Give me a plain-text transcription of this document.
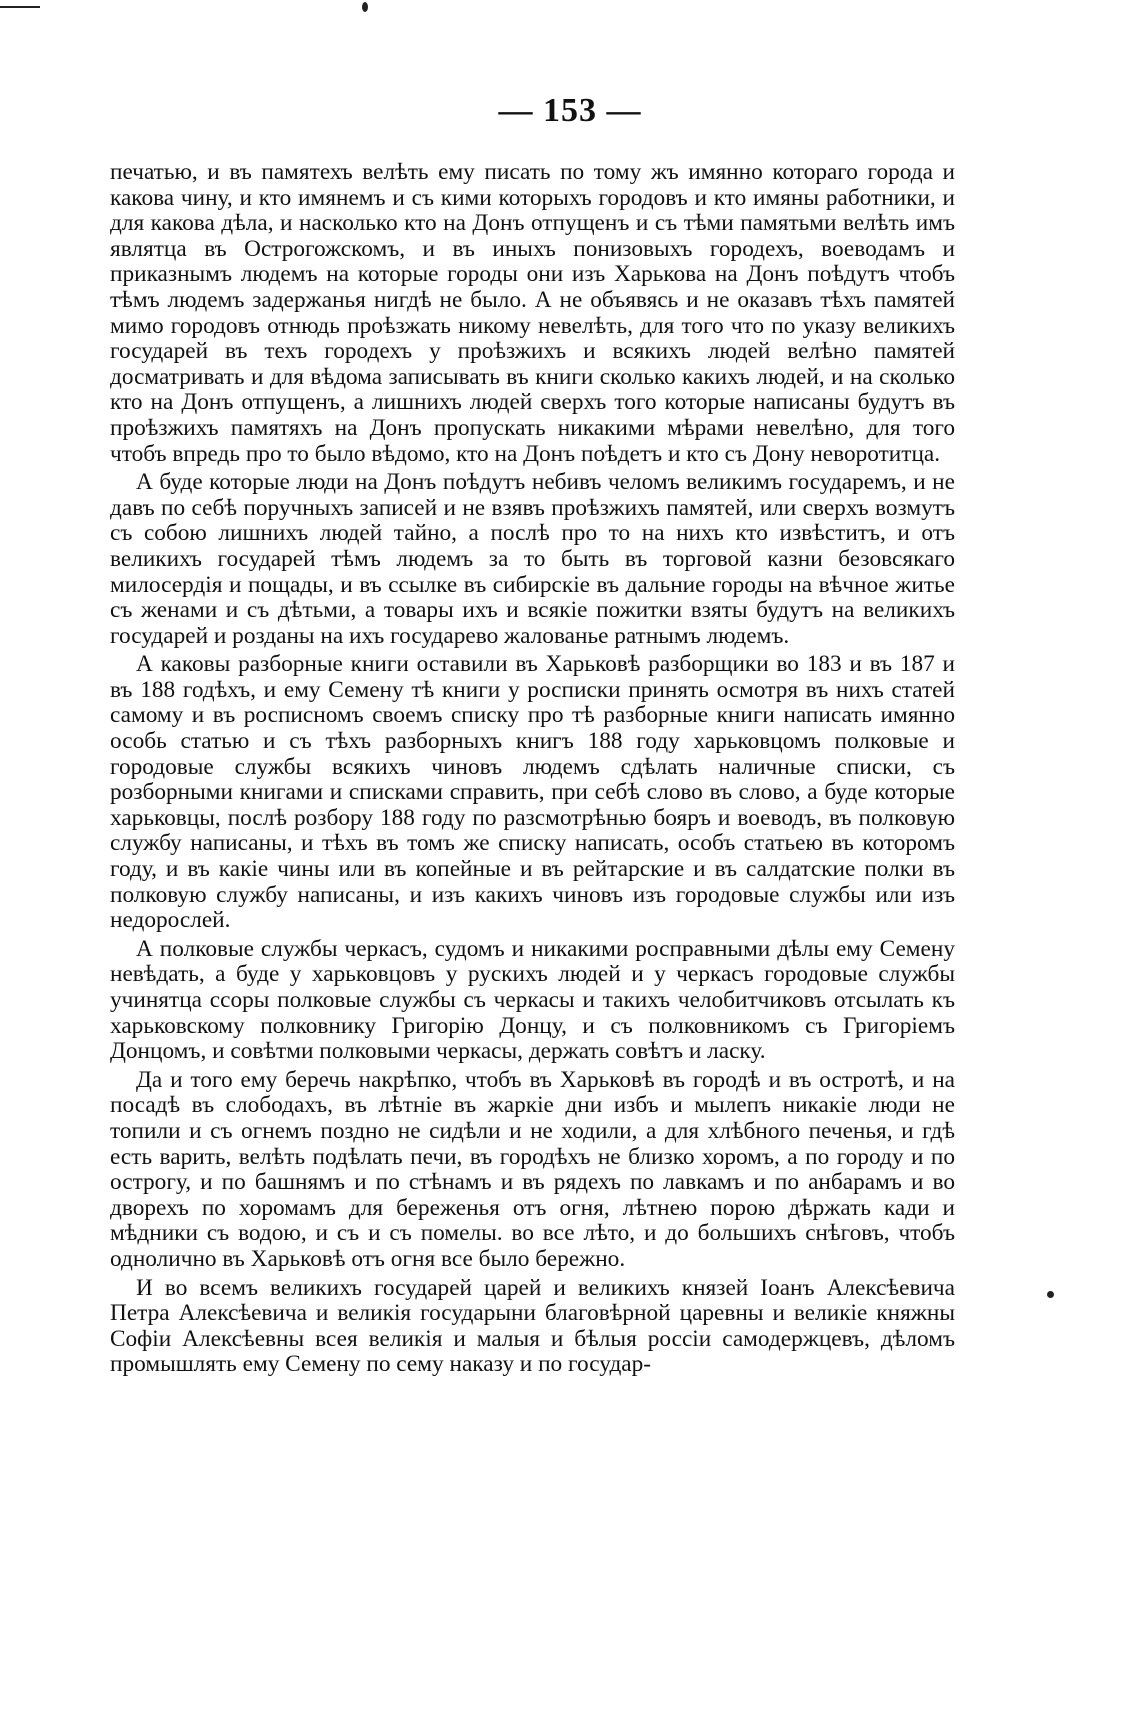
— 153 —

печатью, и въ памятехъ велѣть ему писать по тому жъ имянно котораго города и какова чину, и кто имянемъ и съ кими которыхъ городовъ и кто имяны работники, и для какова дѣла, и насколько кто на Донъ отпущенъ и съ тѣми памятьми велѣть имъ являтца въ Острогожскомъ, и въ иныхъ понизовыхъ городехъ, воеводамъ и приказнымъ людемъ на которые городы они изъ Харькова на Донъ поѣдутъ чтобъ тѣмъ людемъ задержанья нигдѣ не было. А не объявясь и не оказавъ тѣхъ памятей мимо городовъ отнюдь проѣзжать никому невелѣть, для того что по указу великихъ государей въ техъ городехъ у проѣзжихъ и всякихъ людей велѣно памятей досматривать и для вѣдома записывать въ книги сколько какихъ людей, и на сколько кто на Донъ отпущенъ, а лишнихъ людей сверхъ того которые написаны будутъ въ проѣзжихъ памятяхъ на Донъ пропускать никакими мѣрами невелѣно, для того чтобъ впредь про то было вѣдомо, кто на Донъ поѣдетъ и кто съ Дону неворотитца.

А буде которые люди на Донъ поѣдутъ небивъ челомъ великимъ государемъ, и не давъ по себѣ поручныхъ записей и не взявъ проѣзжихъ памятей, или сверхъ возмутъ съ собою лишнихъ людей тайно, а послѣ про то на нихъ кто извѣститъ, и отъ великихъ государей тѣмъ людемъ за то быть въ торговой казни безовсякаго милосердія и пощады, и въ ссылке въ сибирскіе въ дальние городы на вѣчное житье съ женами и съ дѣтьми, а товары ихъ и всякіе пожитки взяты будутъ на великихъ государей и розданы на ихъ государево жалованье ратнымъ людемъ.

А каковы разборные книги оставили въ Харьковѣ разборщики во 183 и въ 187 и въ 188 годѣхъ, и ему Семену тѣ книги у росписки принять осмотря въ нихъ статей самому и въ росписномъ своемъ списку про тѣ разборные книги написать имянно особь статью и съ тѣхъ разборныхъ книгъ 188 году харьковцомъ полковые и городовые службы всякихъ чиновъ людемъ сдѣлать наличные списки, съ розборными книгами и списками справить, при себѣ слово въ слово, а буде которые харьковцы, послѣ розбору 188 году по разсмотрѣнью бояръ и воеводъ, въ полковую службу написаны, и тѣхъ въ томъ же списку написать, особъ статьею въ которомъ году, и въ какіе чины или въ копейные и въ рейтарские и въ салдатские полки въ полковую службу написаны, и изъ какихъ чиновъ изъ городовые службы или изъ недорослей.

А полковые службы черкасъ, судомъ и никакими росправными дѣлы ему Семену невѣдать, а буде у харьковцовъ у рускихъ людей и у черкасъ городовые службы учинятца ссоры полковые службы съ черкасы и такихъ челобитчиковъ отсылать къ харьковскому полковнику Григорію Донцу, и съ полковникомъ съ Григоріемъ Донцомъ, и совѣтми полковыми черкасы, держать совѣтъ и ласку.

Да и того ему беречь накрѣпко, чтобъ въ Харьковѣ въ городѣ и въ остротѣ, и на посадѣ въ слободахъ, въ лѣтніе въ жаркіе дни избъ и мылепъ никакіе люди не топили и съ огнемъ поздно не сидѣли и не ходили, а для хлѣбного печенья, и гдѣ есть варить, велѣть подѣлать печи, въ городѣхъ не близко хоромъ, а по городу и по острогу, и по башнямъ и по стѣнамъ и въ рядехъ по лавкамъ и по анбарамъ и во дворехъ по хоромамъ для береженья отъ огня, лѣтнею порою дѣржать кади и мѣдники съ водою, и съ и съ помелы. во все лѣто, и до большихъ снѣговъ, чтобъ однолично въ Харьковѣ отъ огня все было бережно.

И во всемъ великихъ государей царей и великихъ князей Іоанъ Алексѣевича Петра Алексѣевича и великія государыни благовѣрной царевны и великіе княжны Софіи Алексѣевны всея великія и малыя и бѣлыя россіи самодержцевъ, дѣломъ промышлять ему Семену по сему наказу и по государ-
